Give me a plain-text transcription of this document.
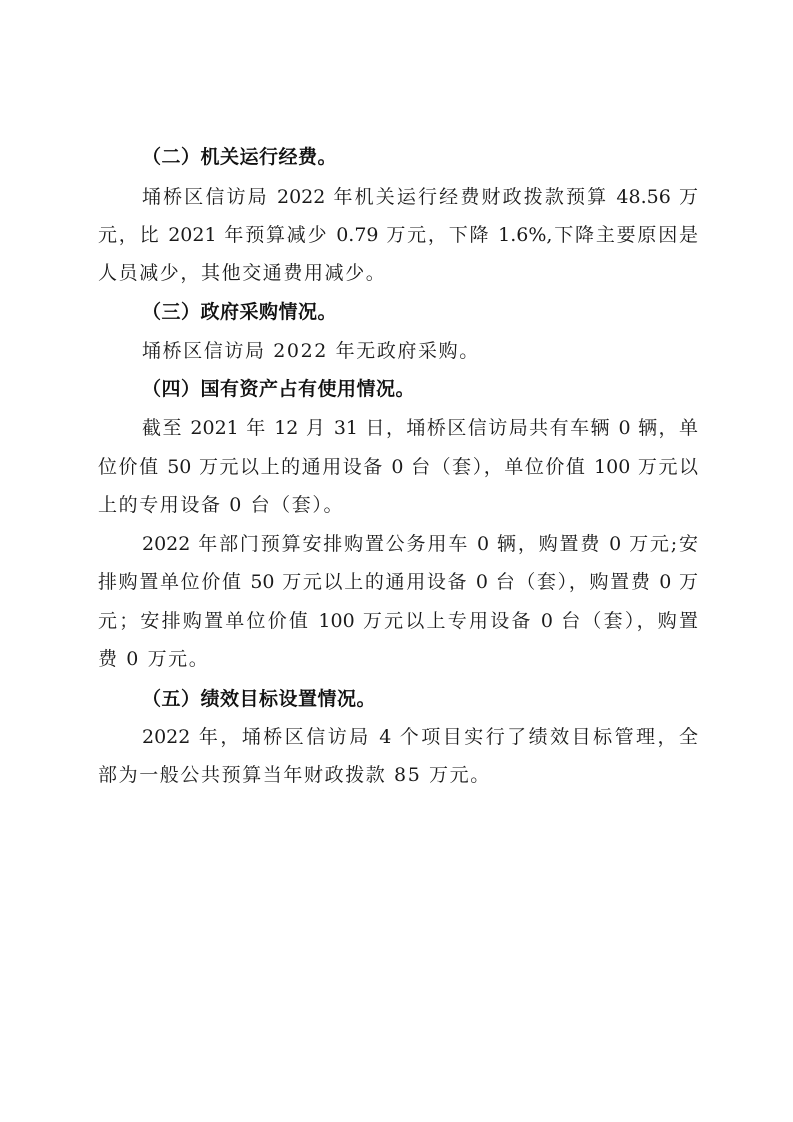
（二）机关运行经费。
埇桥区信访局 2022 年机关运行经费财政拨款预算 48.56 万
元，比 2021 年预算减少 0.79 万元，下降 1.6%,下降主要原因是
人员减少，其他交通费用减少。
（三）政府采购情况。
埇桥区信访局 2022 年无政府采购。
（四）国有资产占有使用情况。
截至 2021 年 12 月 31 日，埇桥区信访局共有车辆 0 辆，单
位价值 50 万元以上的通用设备 0 台（套），单位价值 100 万元以
上的专用设备 0 台（套）。
2022 年部门预算安排购置公务用车 0 辆，购置费 0 万元;安
排购置单位价值 50 万元以上的通用设备 0 台（套），购置费 0 万
元；安排购置单位价值 100 万元以上专用设备 0 台（套），购置
费 0 万元。
（五）绩效目标设置情况。
2022 年，埇桥区信访局 4 个项目实行了绩效目标管理，全
部为一般公共预算当年财政拨款 85 万元。
